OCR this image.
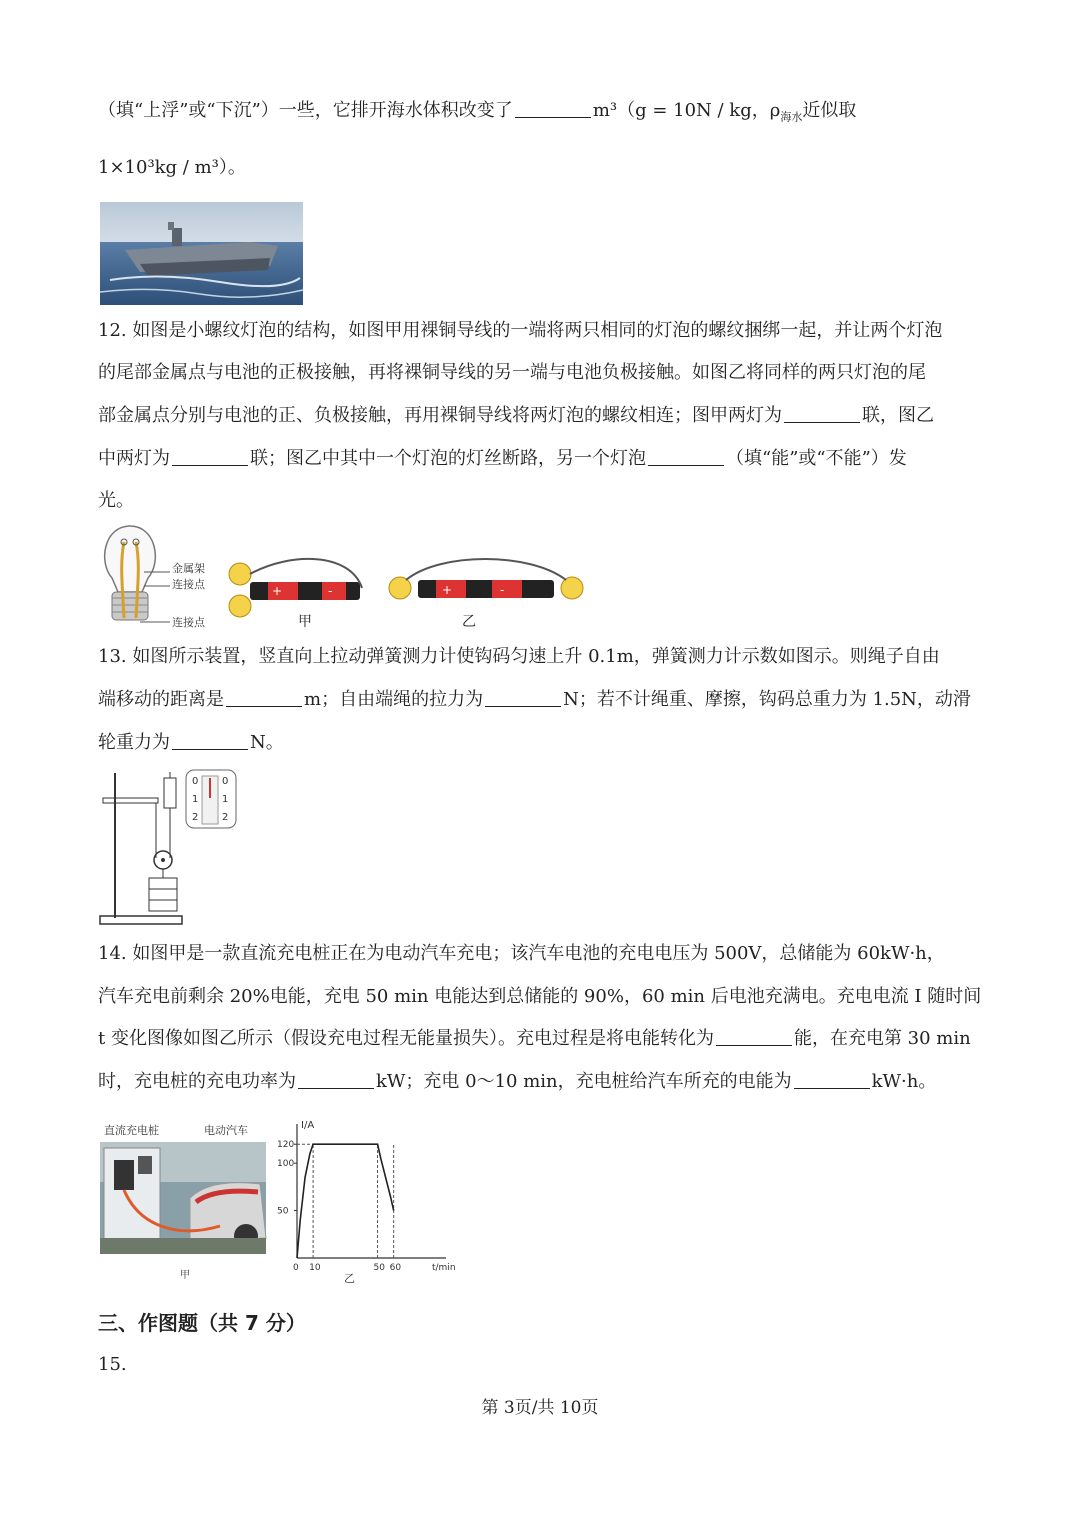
（填“上浮”或“下沉”）一些，它排开海水体积改变了	m³（g = 10N / kg，$\rho_{海水}$近似取
1×10³kg / m³）。
12. 如图是小螺纹灯泡的结构，如图甲用裸铜导线的一端将两只相同的灯泡的螺纹捆绑一起，并让两个灯泡
的尾部金属点与电池的正极接触，再将裸铜导线的另一端与电池负极接触。如图乙将同样的两只灯泡的尾
部金属点分别与电池的正、负极接触，再用裸铜导线将两灯泡的螺纹相连；图甲两灯为	联，图乙
中两灯为	联；图乙中其中一个灯泡的灯丝断路，另一个灯泡	（填“能”或“不能”）发
光。
金属架
连接点
连接点
+	-
甲
+	-
乙
13. 如图所示装置，竖直向上拉动弹簧测力计使钩码匀速上升 0.1m，弹簧测力计示数如图示。则绳子自由
端移动的距离是	m；自由端绳的拉力为	N；若不计绳重、摩擦，钩码总重力为 1.5N，动滑
轮重力为	N。
0
1
2
0
1
2
14. 如图甲是一款直流充电桩正在为电动汽车充电；该汽车电池的充电电压为 500V，总储能为 60kW·h，
汽车充电前剩余 20%电能，充电 50 min 电能达到总储能的 90%，60 min 后电池充满电。充电电流 I 随时间
t 变化图像如图乙所示（假设充电过程无能量损失）。充电过程是将电能转化为	能，在充电第 30 min
时，充电桩的充电功率为	kW；充电 0～10 min，充电桩给汽车所充的电能为	kW·h。
直流充电桩	电动汽车
甲
I/A
t/min
0 10	50 60
50
100
120
乙
三、作图题（共 7 分）
15.
第 3页/共 10页
